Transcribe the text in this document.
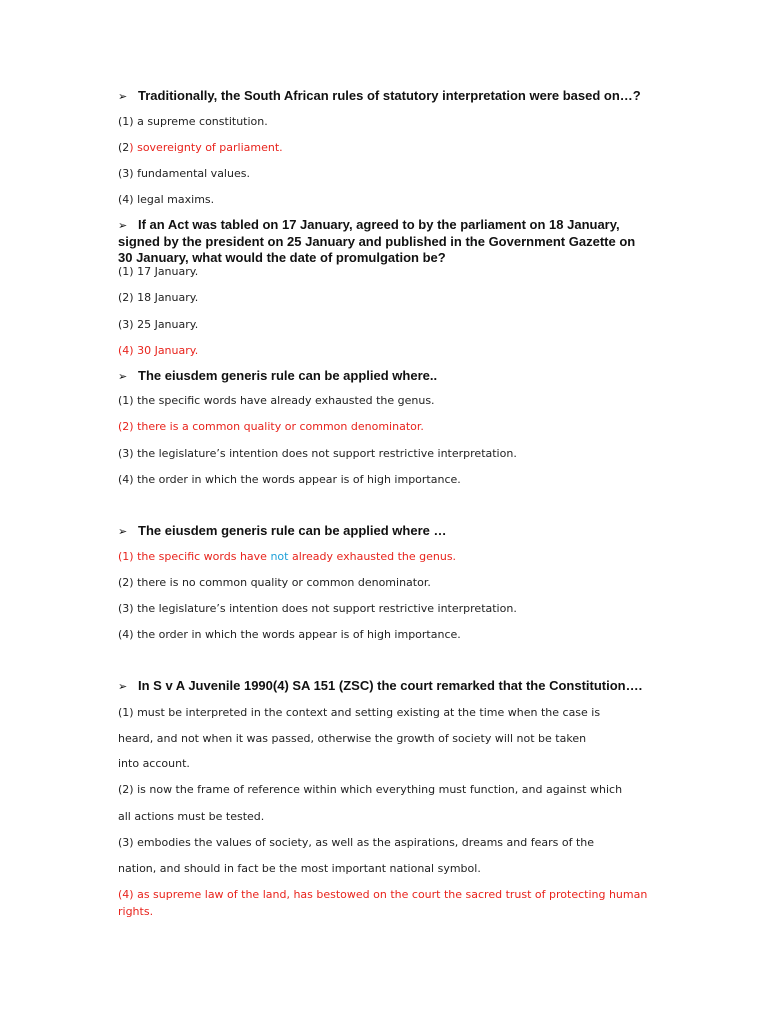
➢ Traditionally, the South African rules of statutory interpretation were based on…?
(1) a supreme constitution.
(2) sovereignty of parliament.
(3) fundamental values.
(4) legal maxims.
➢ If an Act was tabled on 17 January, agreed to by the parliament on 18 January,
signed by the president on 25 January and published in the Government Gazette on
30 January, what would the date of promulgation be?
(1) 17 January.
(2) 18 January.
(3) 25 January.
(4) 30 January.
➢ The eiusdem generis rule can be applied where..
(1) the specific words have already exhausted the genus.
(2) there is a common quality or common denominator.
(3) the legislature’s intention does not support restrictive interpretation.
(4) the order in which the words appear is of high importance.
➢ The eiusdem generis rule can be applied where …
(1) the specific words have not already exhausted the genus.
(2) there is no common quality or common denominator.
(3) the legislature’s intention does not support restrictive interpretation.
(4) the order in which the words appear is of high importance.
➢ In S v A Juvenile 1990(4) SA 151 (ZSC) the court remarked that the Constitution….
(1) must be interpreted in the context and setting existing at the time when the case is
heard, and not when it was passed, otherwise the growth of society will not be taken
into account.
(2) is now the frame of reference within which everything must function, and against which
all actions must be tested.
(3) embodies the values of society, as well as the aspirations, dreams and fears of the
nation, and should in fact be the most important national symbol.
(4) as supreme law of the land, has bestowed on the court the sacred trust of protecting human
rights.
